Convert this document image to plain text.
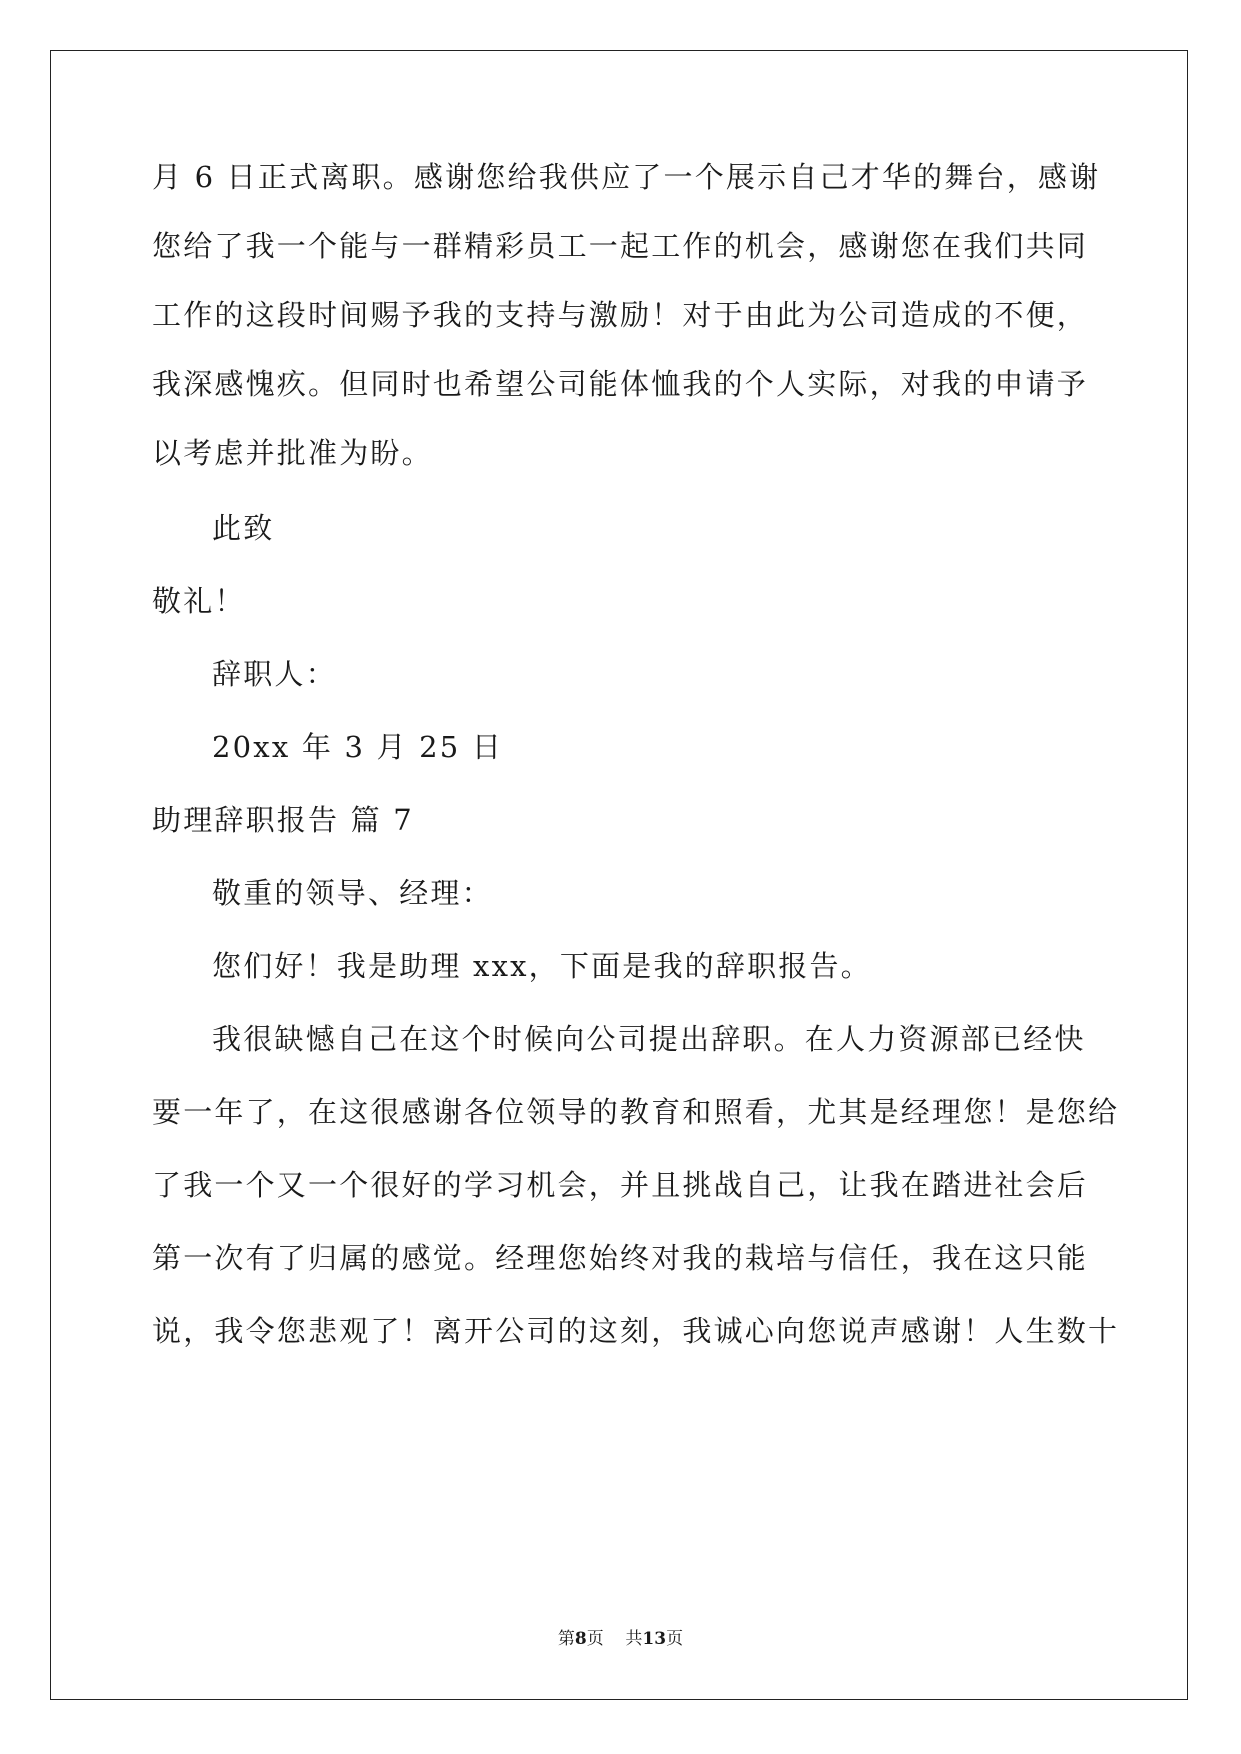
月 6 日正式离职。感谢您给我供应了一个展示自己才华的舞台，感谢
您给了我一个能与一群精彩员工一起工作的机会，感谢您在我们共同
工作的这段时间赐予我的支持与激励！对于由此为公司造成的不便，
我深感愧疚。但同时也希望公司能体恤我的个人实际，对我的申请予
以考虑并批准为盼。
此致
敬礼！
辞职人：
20xx 年 3 月 25 日
助理辞职报告 篇 7
敬重的领导、经理：
您们好！我是助理 xxx，下面是我的辞职报告。
我很缺憾自己在这个时候向公司提出辞职。在人力资源部已经快
要一年了，在这很感谢各位领导的教育和照看，尤其是经理您！是您给
了我一个又一个很好的学习机会，并且挑战自己，让我在踏进社会后
第一次有了归属的感觉。经理您始终对我的栽培与信任，我在这只能
说，我令您悲观了！离开公司的这刻，我诚心向您说声感谢！人生数十
第8页 共13页
